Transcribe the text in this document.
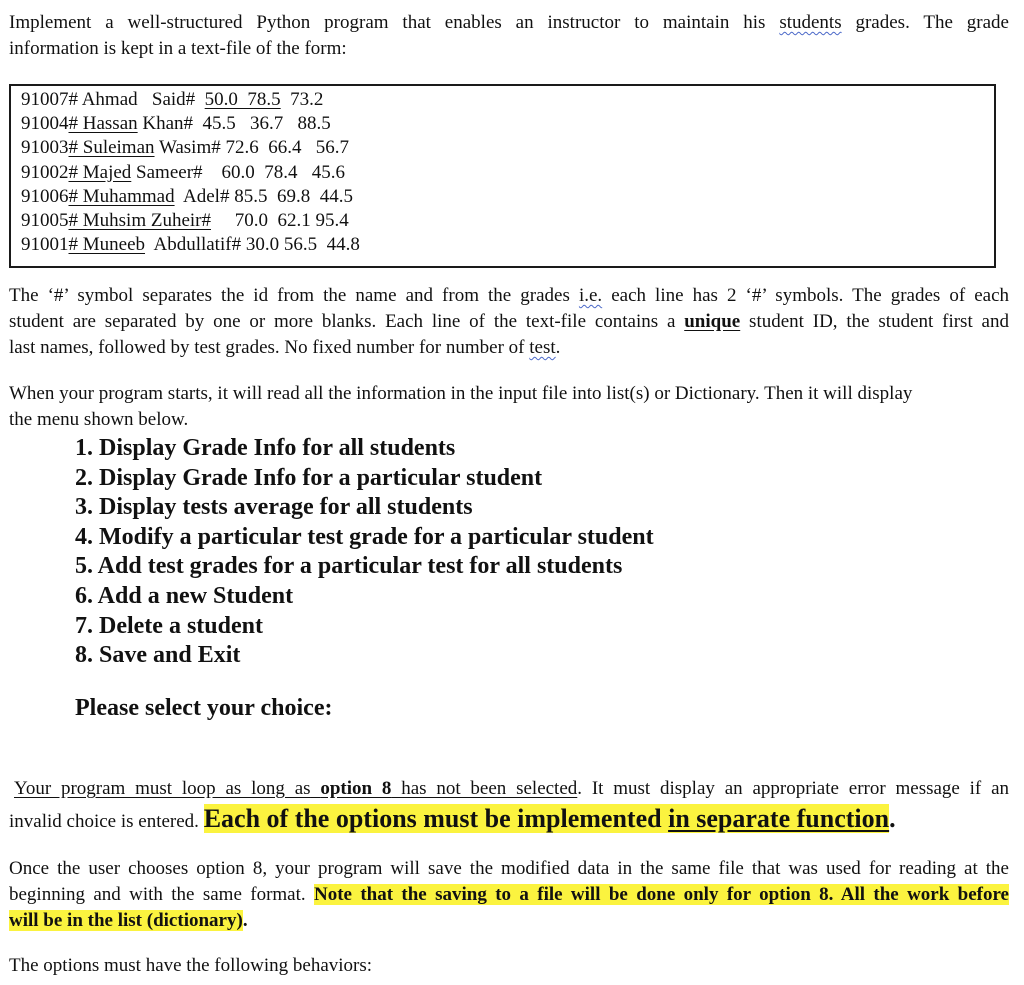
Implement a well-structured Python program that enables an instructor to maintain his students grades. The grade
information is kept in a text-file of the form:

91007# Ahmad   Said#  50.0  78.5  73.2
91004# Hassan Khan#  45.5   36.7   88.5
91003# Suleiman Wasim# 72.6  66.4   56.7
91002# Majed Sameer#    60.0  78.4   45.6
91006# Muhammad  Adel# 85.5  69.8  44.5
91005# Muhsim Zuheir#     70.0  62.1 95.4
91001# Muneeb  Abdullatif# 30.0 56.5  44.8

The ‘#’ symbol separates the id from the name and from the grades i.e. each line has 2 ‘#’ symbols. The grades of each
student are separated by one or more blanks. Each line of the text-file contains a unique student ID, the student first and
last names, followed by test grades. No fixed number for number of test.

When your program starts, it will read all the information in the input file into list(s) or Dictionary. Then it will display
the menu shown below.

1. Display Grade Info for all students
2. Display Grade Info for a particular student
3. Display tests average for all students
4. Modify a particular test grade for a particular student
5. Add test grades for a particular test for all students
6. Add a new Student
7. Delete a student
8. Save and Exit
Please select your choice:

Your program must loop as long as option 8 has not been selected. It must display an appropriate error message if an
invalid choice is entered. Each of the options must be implemented in separate function.

Once the user chooses option 8, your program will save the modified data in the same file that was used for reading at the
beginning and with the same format. Note that the saving to a file will be done only for option 8. All the work before
will be in the list (dictionary).

The options must have the following behaviors:
